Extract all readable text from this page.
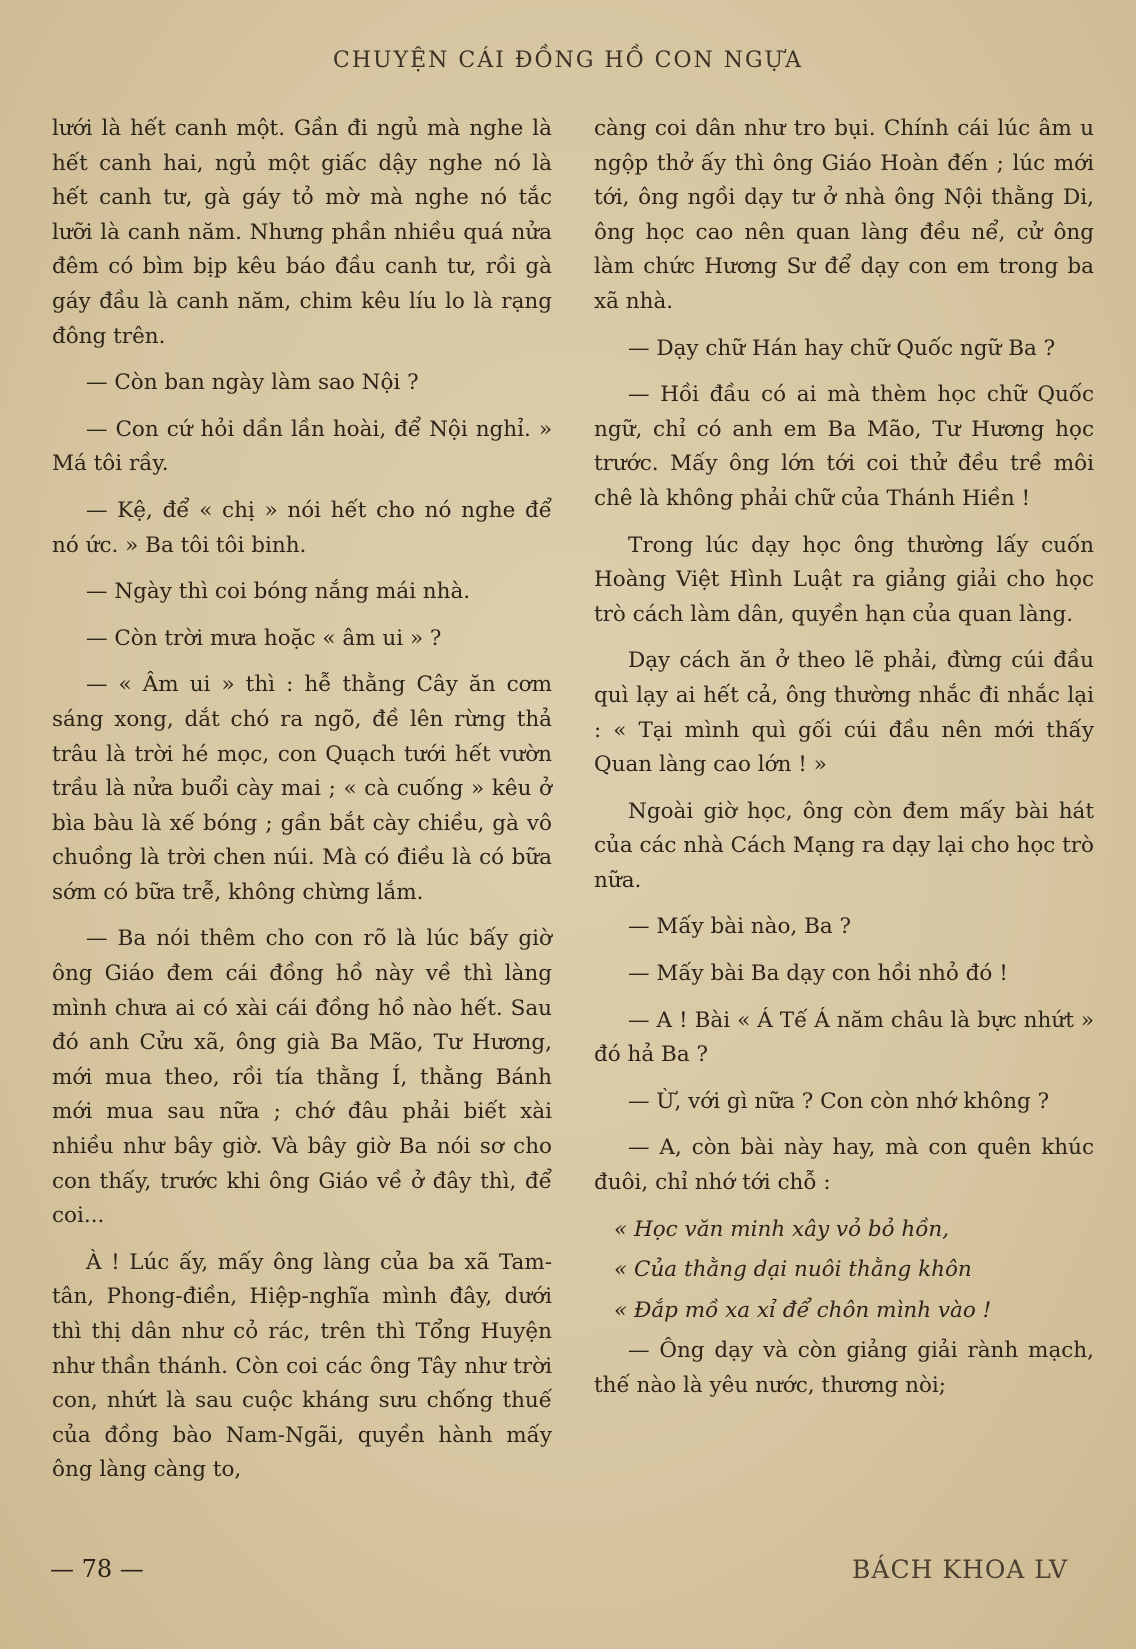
CHUYỆN CÁI ĐỒNG HỒ CON NGỰA

lưới là hết canh một. Gần đi ngủ mà nghe là hết canh hai, ngủ một giấc dậy nghe nó là hết canh tư, gà gáy tỏ mờ mà nghe nó tắc lưỡi là canh năm. Nhưng phần nhiều quá nửa đêm có bìm bịp kêu báo đầu canh tư, rồi gà gáy đầu là canh năm, chim kêu líu lo là rạng đông trên.

— Còn ban ngày làm sao Nội ?

— Con cứ hỏi dần lần hoài, để Nội nghỉ. » Má tôi rầy.

— Kệ, để « chị » nói hết cho nó nghe để nó ức. » Ba tôi tôi binh.

— Ngày thì coi bóng nắng mái nhà.

— Còn trời mưa hoặc « âm ui » ?

— « Âm ui » thì : hễ thằng Cây ăn cơm sáng xong, dắt chó ra ngõ, đề lên rừng thả trâu là trời hé mọc, con Quạch tưới hết vườn trầu là nửa buổi cày mai ; « cà cuống » kêu ở bìa bàu là xế bóng ; gần bắt cày chiều, gà vô chuồng là trời chen núi. Mà có điều là có bữa sớm có bữa trễ, không chừng lắm.

— Ba nói thêm cho con rõ là lúc bấy giờ ông Giáo đem cái đồng hồ này về thì làng mình chưa ai có xài cái đồng hồ nào hết. Sau đó anh Cửu xã, ông già Ba Mão, Tư Hương, mới mua theo, rồi tía thằng Í, thằng Bánh mới mua sau nữa ; chớ đâu phải biết xài nhiều như bây giờ. Và bây giờ Ba nói sơ cho con thấy, trước khi ông Giáo về ở đây thì, để coi...

À ! Lúc ấy, mấy ông làng của ba xã Tam-tân, Phong-điền, Hiệp-nghĩa mình đây, dưới thì thị dân như cỏ rác, trên thì Tổng Huyện như thần thánh. Còn coi các ông Tây như trời con, nhứt là sau cuộc kháng sưu chống thuế của đồng bào Nam-Ngãi, quyền hành mấy ông làng càng to,

càng coi dân như tro bụi. Chính cái lúc âm u ngộp thở ấy thì ông Giáo Hoàn đến ; lúc mới tới, ông ngồi dạy tư ở nhà ông Nội thằng Di, ông học cao nên quan làng đều nể, cử ông làm chức Hương Sư để dạy con em trong ba xã nhà.

— Dạy chữ Hán hay chữ Quốc ngữ Ba ?

— Hồi đầu có ai mà thèm học chữ Quốc ngữ, chỉ có anh em Ba Mão, Tư Hương học trước. Mấy ông lớn tới coi thử đều trề môi chê là không phải chữ của Thánh Hiền !

Trong lúc dạy học ông thường lấy cuốn Hoàng Việt Hình Luật ra giảng giải cho học trò cách làm dân, quyền hạn của quan làng.

Dạy cách ăn ở theo lẽ phải, đừng cúi đầu quì lạy ai hết cả, ông thường nhắc đi nhắc lại : « Tại mình quì gối cúi đầu nên mới thấy Quan làng cao lớn ! »

Ngoài giờ học, ông còn đem mấy bài hát của các nhà Cách Mạng ra dạy lại cho học trò nữa.

— Mấy bài nào, Ba ?

— Mấy bài Ba dạy con hồi nhỏ đó !

— A ! Bài « Á Tế Á năm châu là bực nhứt » đó hả Ba ?

— Ừ, với gì nữa ? Con còn nhớ không ?

— A, còn bài này hay, mà con quên khúc đuôi, chỉ nhớ tới chỗ :

« Học văn minh xây vỏ bỏ hồn,

« Của thằng dại nuôi thằng khôn

« Đắp mồ xa xỉ để chôn mình vào !

— Ông dạy và còn giảng giải rành mạch, thế nào là yêu nước, thương nòi;

— 78 —	BÁCH KHOA LV
